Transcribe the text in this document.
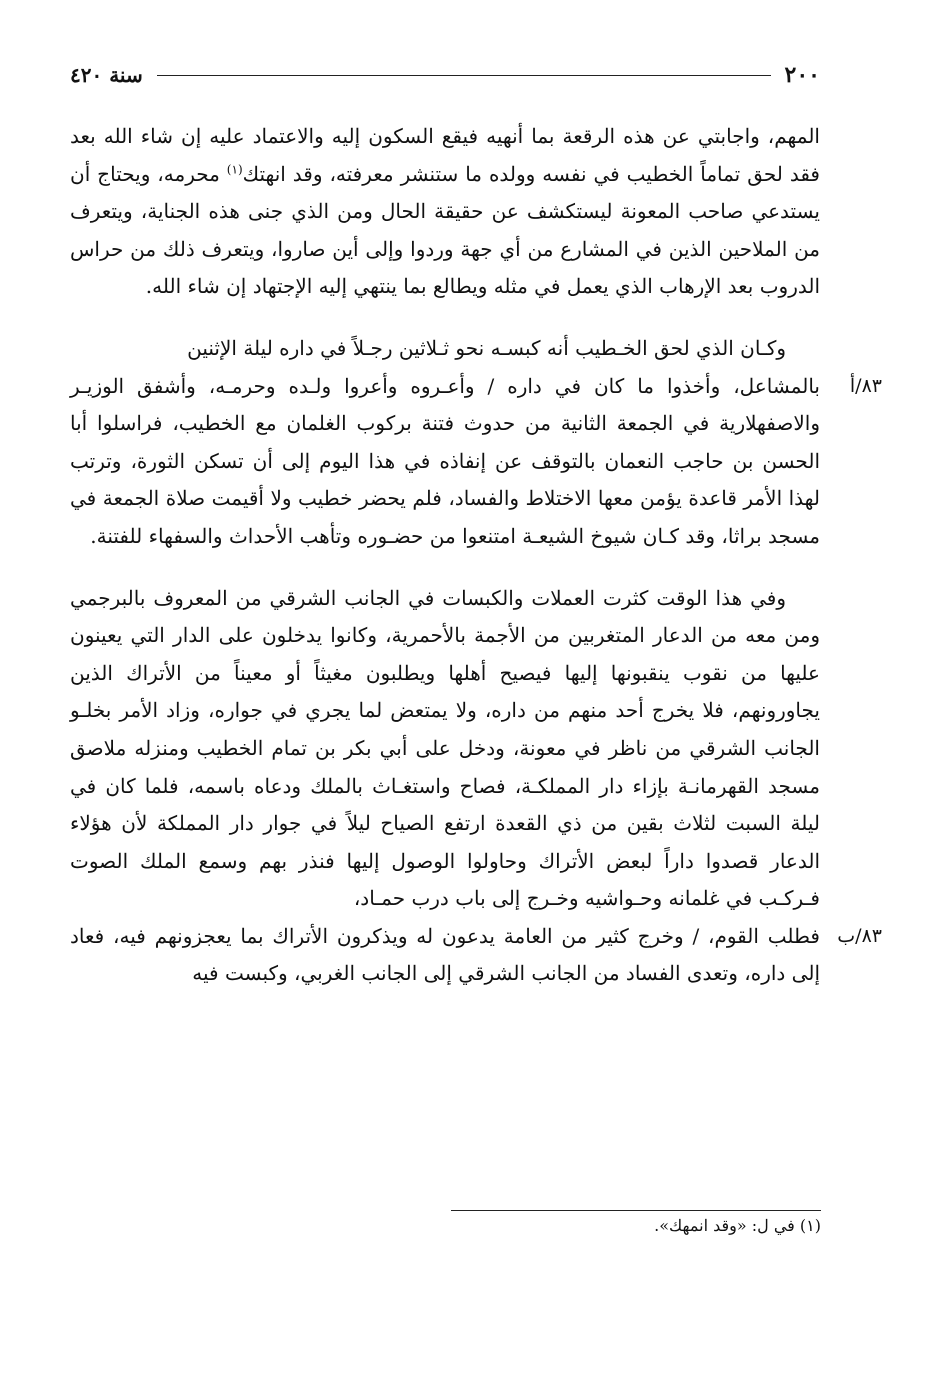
٢٠٠
سنة ٤٢٠

المهم، واجابتي عن هذه الرقعة بما أنهيه فيقع السكون إليه والاعتماد عليه إن شاء الله بعد فقد لحق تماماً الخطيب في نفسه وولده ما ستنشر معرفته، وقد انهتك$^{(١)}$ محرمه، ويحتاج أن يستدعي صاحب المعونة ليستكشف عن حقيقة الحال ومن الذي جنى هذه الجناية، ويتعرف من الملاحين الذين في المشارع من أي جهة وردوا وإلى أين صاروا، ويتعرف ذلك من حراس الدروب بعد الإرهاب الذي يعمل في مثله ويطالع بما ينتهي إليه الإجتهاد إن شاء الله.

وكـان الذي لحق الخـطيب أنه كبسـه نحو ثـلاثين رجـلاً في داره ليلة الإثنين

٨٣/أ
بالمشاعل، وأخذوا ما كان في داره / وأعـروه وأعروا ولـده وحرمـه، وأشفق الوزيـر والاصفهلارية في الجمعة الثانية من حدوث فتنة بركوب الغلمان مع الخطيب، فراسلوا أبا الحسن بن حاجب النعمان بالتوقف عن إنفاذه في هذا اليوم إلى أن تسكن الثورة، وترتب لهذا الأمر قاعدة يؤمن معها الاختلاط والفساد، فلم يحضر خطيب ولا أقيمت صلاة الجمعة في مسجد براثا، وقد كـان شيوخ الشيعـة امتنعوا من حضـوره وتأهب الأحداث والسفهاء للفتنة.

وفي هذا الوقت كثرت العملات والكبسات في الجانب الشرقي من المعروف بالبرجمي ومن معه من الدعار المتغربين من الأجمة بالأحمرية، وكانوا يدخلون على الدار التي يعينون عليها من نقوب ينقبونها إليها فيصيح أهلها ويطلبون مغيثاً أو معيناً من الأتراك الذين يجاورونهم، فلا يخرج أحد منهم من داره، ولا يمتعض لما يجري في جواره، وزاد الأمر بخلـو الجانب الشرقي من ناظر في معونة، ودخل على أبي بكر بن تمام الخطيب ومنزله ملاصق مسجد القهرمانـة بإزاء دار المملكـة، فصاح واستغـاث بالملك ودعاه باسمه، فلما كان في ليلة السبت لثلاث بقين من ذي القعدة ارتفع الصياح ليلاً في جوار دار المملكة لأن هؤلاء الدعار قصدوا داراً لبعض الأتراك وحاولوا الوصول إليها فنذر بهم وسمع الملك الصوت فـركـب في غلمانه وحـواشيه وخـرج إلى باب درب حمـاد،

٨٣/ب
فطلب القوم، / وخرج كثير من العامة يدعون له ويذكرون الأتراك بما يعجزونهم فيه، فعاد إلى داره، وتعدى الفساد من الجانب الشرقي إلى الجانب الغربي، وكبست فيه

(١) في ل: «وقد انمهك».
